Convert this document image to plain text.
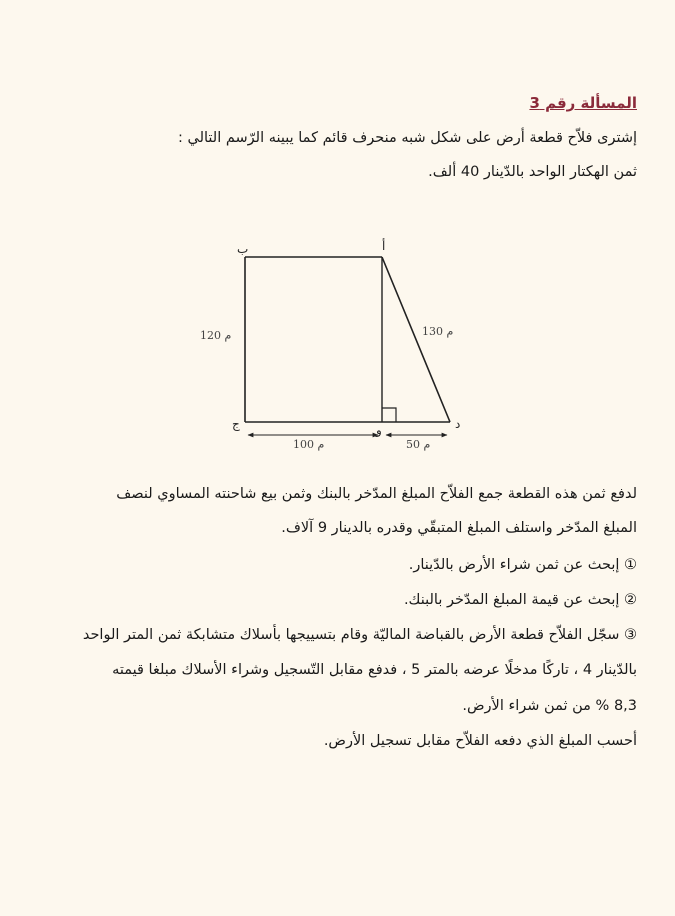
المسألة رقم 3
إشترى فلاّح قطعة أرض على شكل شبه منحرف قائم كما يبينه الرّسم التالي :
ثمن الهكتار الواحد بالدّينار 40 ألف.
ب	أ
ج	و	د
120 م	130 م
100 م	50 م
لدفع ثمن هذه القطعة جمع الفلاّح المبلغ المدّخر بالبنك وثمن بيع شاحنته المساوي لنصف
المبلغ المدّخر واستلف المبلغ المتبقّي وقدره بالدينار 9 آلاف.
① إبحث عن ثمن شراء الأرض بالدّينار.
② إبحث عن قيمة المبلغ المدّخر بالبنك.
③ سجّل الفلاّح قطعة الأرض بالقباضة الماليّة وقام بتسييجها بأسلاك متشابكة ثمن المتر الواحد
بالدّينار 4 ، تاركًا مدخلًا عرضه بالمتر 5 ، فدفع مقابل التّسجيل وشراء الأسلاك مبلغا قيمته
8,3 % من ثمن شراء الأرض.
أحسب المبلغ الذي دفعه الفلاّح مقابل تسجيل الأرض.
